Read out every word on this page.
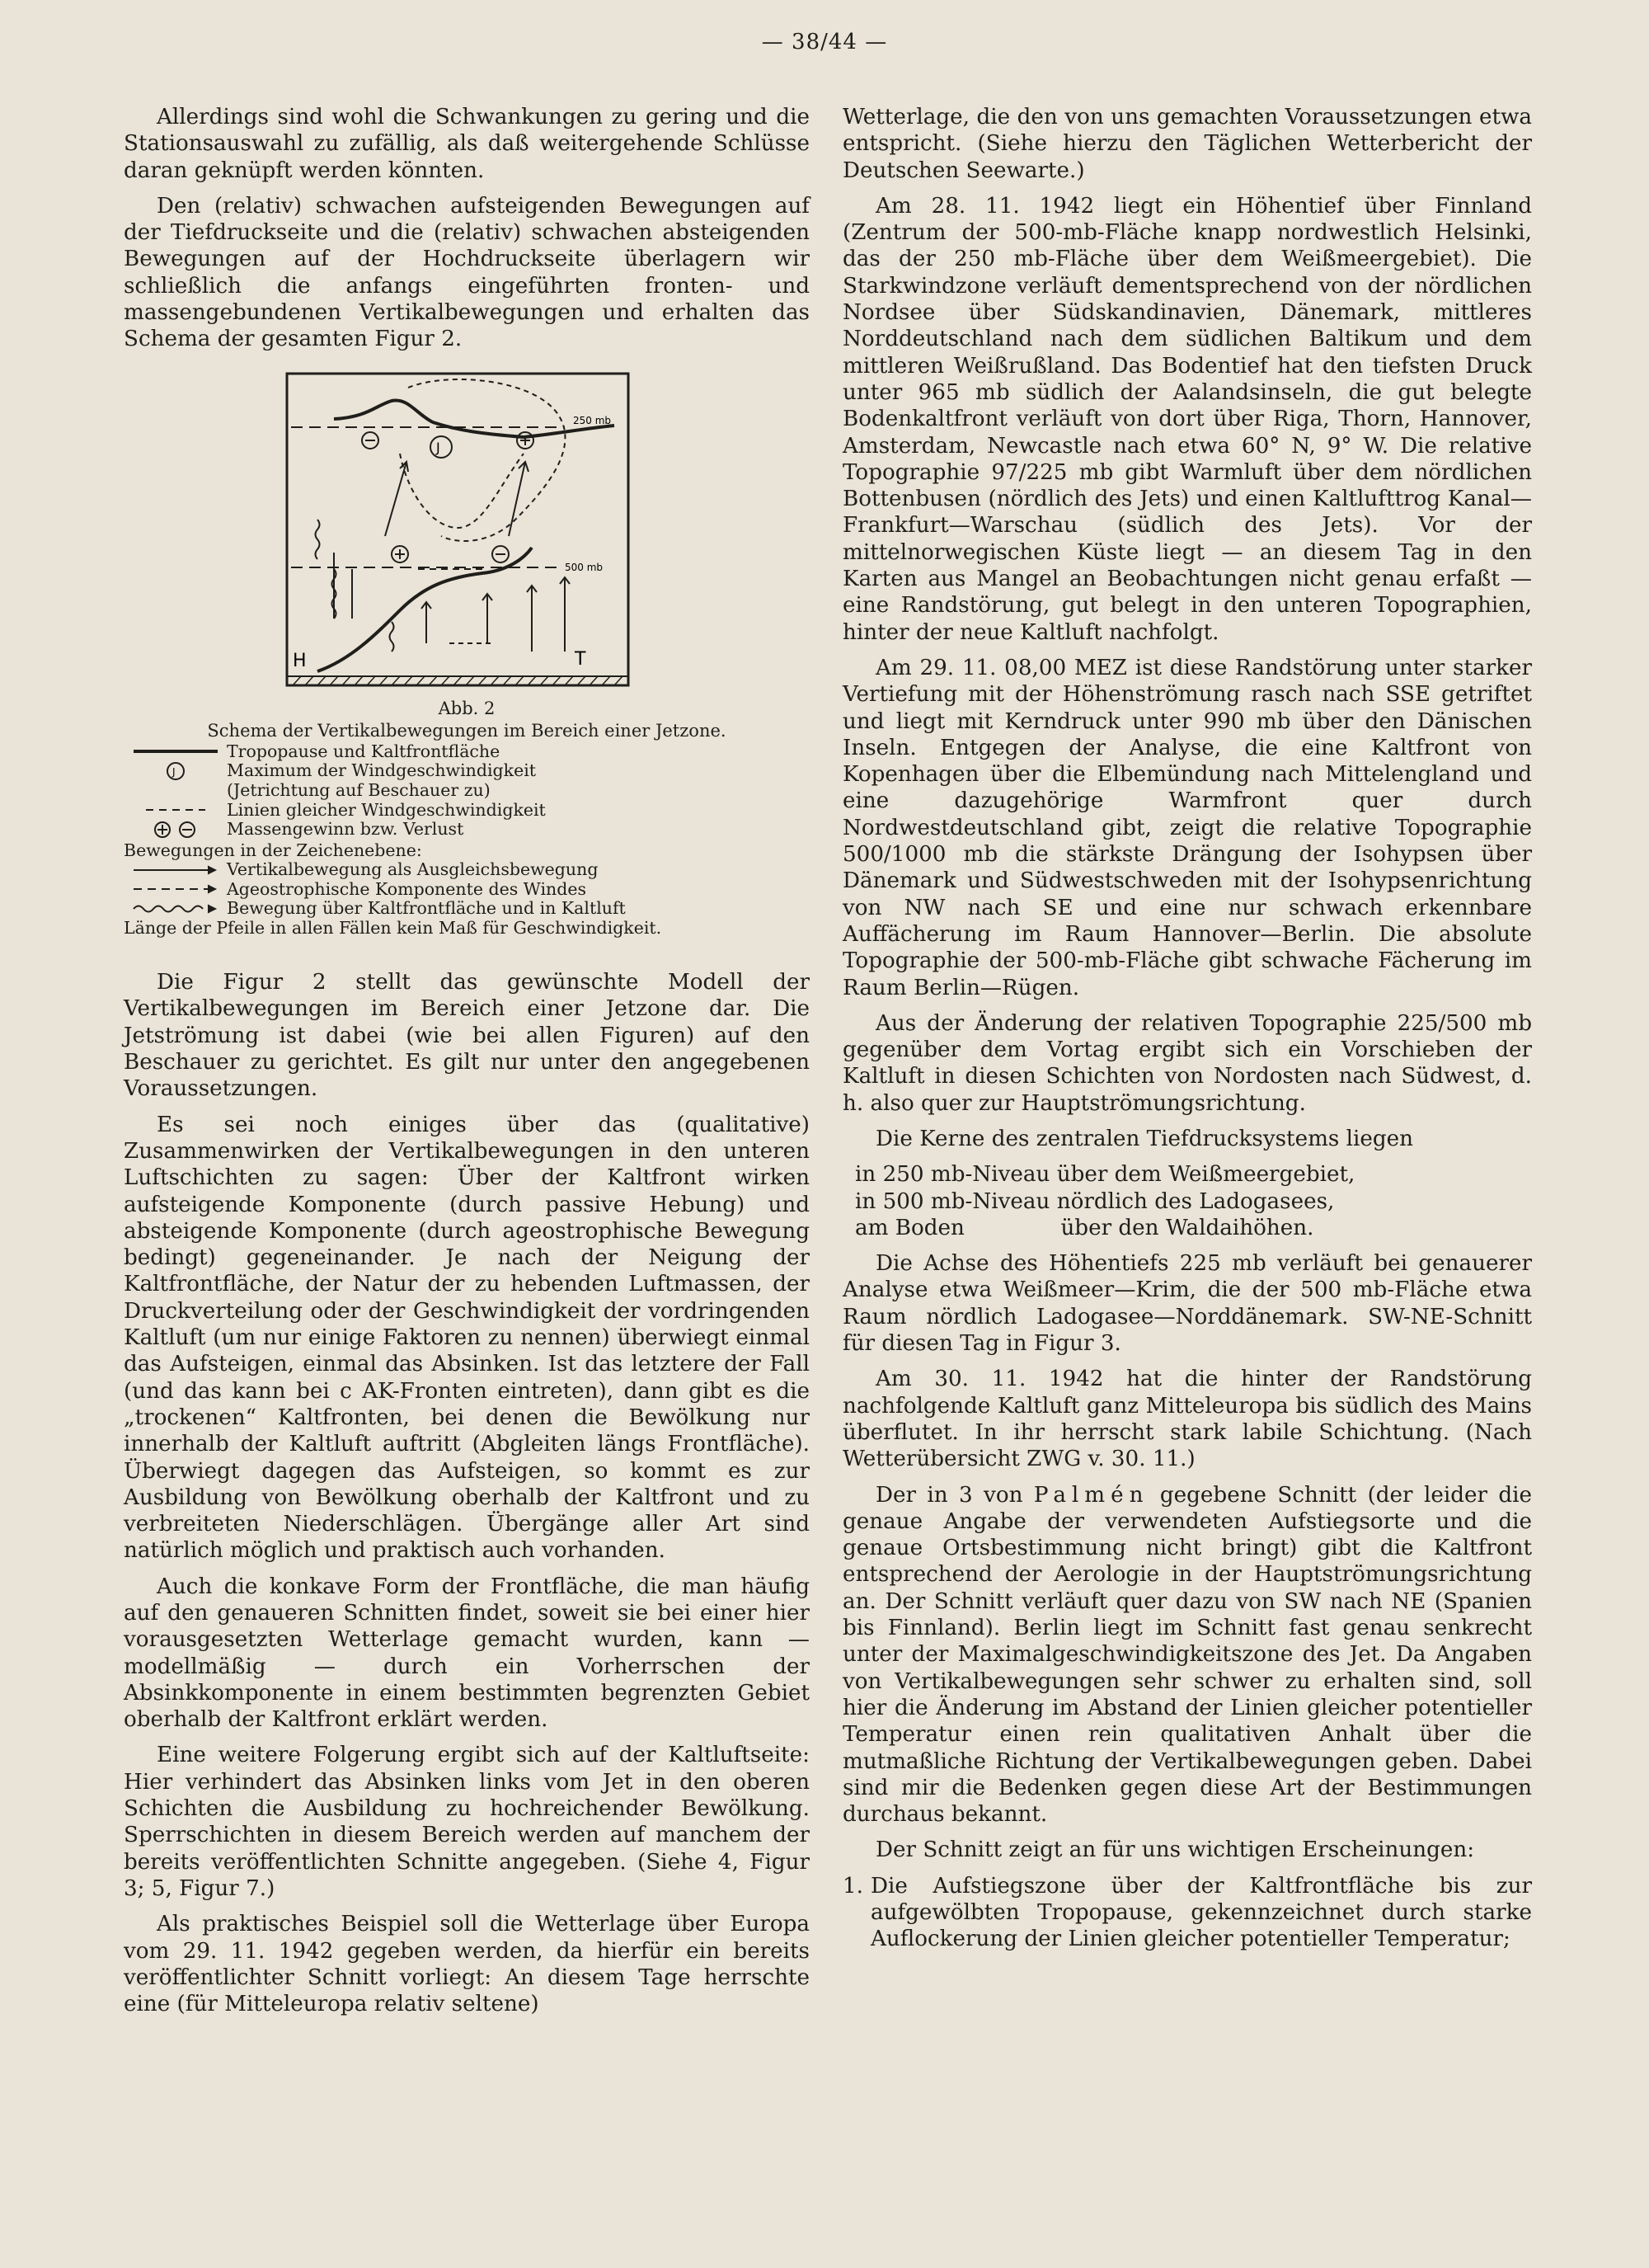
— 38/44 —

Allerdings sind wohl die Schwankungen zu gering und die Stationsauswahl zu zufällig, als daß weitergehende Schlüsse daran geknüpft werden könnten.

Den (relativ) schwachen aufsteigenden Bewegungen auf der Tiefdruckseite und die (relativ) schwachen absteigenden Bewegungen auf der Hochdruckseite überlagern wir schließlich die anfangs eingeführten fronten- und massengebundenen Vertikalbewegungen und erhalten das Schema der gesamten Figur 2.

250 mb
500 mb
J
H	T
Abb. 2
Schema der Vertikalbewegungen im Bereich einer Jetzone.
Tropopause und Kaltfrontfläche
J	Maximum der Windgeschwindigkeit
(Jetrichtung auf Beschauer zu)
Linien gleicher Windgeschwindigkeit
Massengewinn bzw. Verlust
Bewegungen in der Zeichenebene:
Vertikalbewegung als Ausgleichsbewegung
Ageostrophische Komponente des Windes
Bewegung über Kaltfrontfläche und in Kaltluft
Länge der Pfeile in allen Fällen kein Maß für Geschwindigkeit.

Die Figur 2 stellt das gewünschte Modell der Vertikalbewegungen im Bereich einer Jetzone dar. Die Jetströmung ist dabei (wie bei allen Figuren) auf den Beschauer zu gerichtet. Es gilt nur unter den angegebenen Voraussetzungen.

Es sei noch einiges über das (qualitative) Zusammenwirken der Vertikalbewegungen in den unteren Luftschichten zu sagen: Über der Kaltfront wirken aufsteigende Komponente (durch passive Hebung) und absteigende Komponente (durch ageostrophische Bewegung bedingt) gegeneinander. Je nach der Neigung der Kaltfrontfläche, der Natur der zu hebenden Luftmassen, der Druckverteilung oder der Geschwindigkeit der vordringenden Kaltluft (um nur einige Faktoren zu nennen) überwiegt einmal das Aufsteigen, einmal das Absinken. Ist das letztere der Fall (und das kann bei c AK-Fronten eintreten), dann gibt es die „trockenen“ Kaltfronten, bei denen die Bewölkung nur innerhalb der Kaltluft auftritt (Abgleiten längs Frontfläche). Überwiegt dagegen das Aufsteigen, so kommt es zur Ausbildung von Bewölkung oberhalb der Kaltfront und zu verbreiteten Niederschlägen. Übergänge aller Art sind natürlich möglich und praktisch auch vorhanden.

Auch die konkave Form der Frontfläche, die man häufig auf den genaueren Schnitten findet, soweit sie bei einer hier vorausgesetzten Wetterlage gemacht wurden, kann — modellmäßig — durch ein Vorherrschen der Absinkkomponente in einem bestimmten begrenzten Gebiet oberhalb der Kaltfront erklärt werden.

Eine weitere Folgerung ergibt sich auf der Kaltluftseite: Hier verhindert das Absinken links vom Jet in den oberen Schichten die Ausbildung zu hochreichender Bewölkung. Sperrschichten in diesem Bereich werden auf manchem der bereits veröffentlichten Schnitte angegeben. (Siehe 4, Figur 3; 5, Figur 7.)

Als praktisches Beispiel soll die Wetterlage über Europa vom 29. 11. 1942 gegeben werden, da hierfür ein bereits veröffentlichter Schnitt vorliegt: An diesem Tage herrschte eine (für Mitteleuropa relativ seltene)

Wetterlage, die den von uns gemachten Voraussetzungen etwa entspricht. (Siehe hierzu den Täglichen Wetterbericht der Deutschen Seewarte.)

Am 28. 11. 1942 liegt ein Höhentief über Finnland (Zentrum der 500-mb-Fläche knapp nordwestlich Helsinki, das der 250 mb-Fläche über dem Weißmeergebiet). Die Starkwindzone verläuft dementsprechend von der nördlichen Nordsee über Südskandinavien, Dänemark, mittleres Norddeutschland nach dem südlichen Baltikum und dem mittleren Weißrußland. Das Bodentief hat den tiefsten Druck unter 965 mb südlich der Aalandsinseln, die gut belegte Bodenkaltfront verläuft von dort über Riga, Thorn, Hannover, Amsterdam, Newcastle nach etwa 60° N, 9° W. Die relative Topographie 97/225 mb gibt Warmluft über dem nördlichen Bottenbusen (nördlich des Jets) und einen Kaltlufttrog Kanal—Frankfurt—Warschau (südlich des Jets). Vor der mittelnorwegischen Küste liegt — an diesem Tag in den Karten aus Mangel an Beobachtungen nicht genau erfaßt — eine Randstörung, gut belegt in den unteren Topographien, hinter der neue Kaltluft nachfolgt.

Am 29. 11. 08,00 MEZ ist diese Randstörung unter starker Vertiefung mit der Höhenströmung rasch nach SSE getriftet und liegt mit Kerndruck unter 990 mb über den Dänischen Inseln. Entgegen der Analyse, die eine Kaltfront von Kopenhagen über die Elbemündung nach Mittelengland und eine dazugehörige Warmfront quer durch Nordwestdeutschland gibt, zeigt die relative Topographie 500/1000 mb die stärkste Drängung der Isohypsen über Dänemark und Südwestschweden mit der Isohypsenrichtung von NW nach SE und eine nur schwach erkennbare Auffächerung im Raum Hannover—Berlin. Die absolute Topographie der 500-mb-Fläche gibt schwache Fächerung im Raum Berlin—Rügen.

Aus der Änderung der relativen Topographie 225/500 mb gegenüber dem Vortag ergibt sich ein Vorschieben der Kaltluft in diesen Schichten von Nordosten nach Südwest, d. h. also quer zur Hauptströmungsrichtung.

Die Kerne des zentralen Tiefdrucksystems liegen

in 250 mb-Niveau über dem Weißmeergebiet,

in 500 mb-Niveau nördlich des Ladogasees,

am Boden              über den Waldaihöhen.

Die Achse des Höhentiefs 225 mb verläuft bei genauerer Analyse etwa Weißmeer—Krim, die der 500 mb-Fläche etwa Raum nördlich Ladogasee—Norddänemark. SW-NE-Schnitt für diesen Tag in Figur 3.

Am 30. 11. 1942 hat die hinter der Randstörung nachfolgende Kaltluft ganz Mitteleuropa bis südlich des Mains überflutet. In ihr herrscht stark labile Schichtung. (Nach Wetterübersicht ZWG v. 30. 11.)

Der in 3 von Palmén gegebene Schnitt (der leider die genaue Angabe der verwendeten Aufstiegsorte und die genaue Ortsbestimmung nicht bringt) gibt die Kaltfront entsprechend der Aerologie in der Hauptströmungsrichtung an. Der Schnitt verläuft quer dazu von SW nach NE (Spanien bis Finnland). Berlin liegt im Schnitt fast genau senkrecht unter der Maximalgeschwindigkeitszone des Jet. Da Angaben von Vertikalbewegungen sehr schwer zu erhalten sind, soll hier die Änderung im Abstand der Linien gleicher potentieller Temperatur einen rein qualitativen Anhalt über die mutmaßliche Richtung der Vertikalbewegungen geben. Dabei sind mir die Bedenken gegen diese Art der Bestimmungen durchaus bekannt.

Der Schnitt zeigt an für uns wichtigen Erscheinungen:

1. Die Aufstiegszone über der Kaltfrontfläche bis zur aufgewölbten Tropopause, gekennzeichnet durch starke Auflockerung der Linien gleicher potentieller Temperatur;
